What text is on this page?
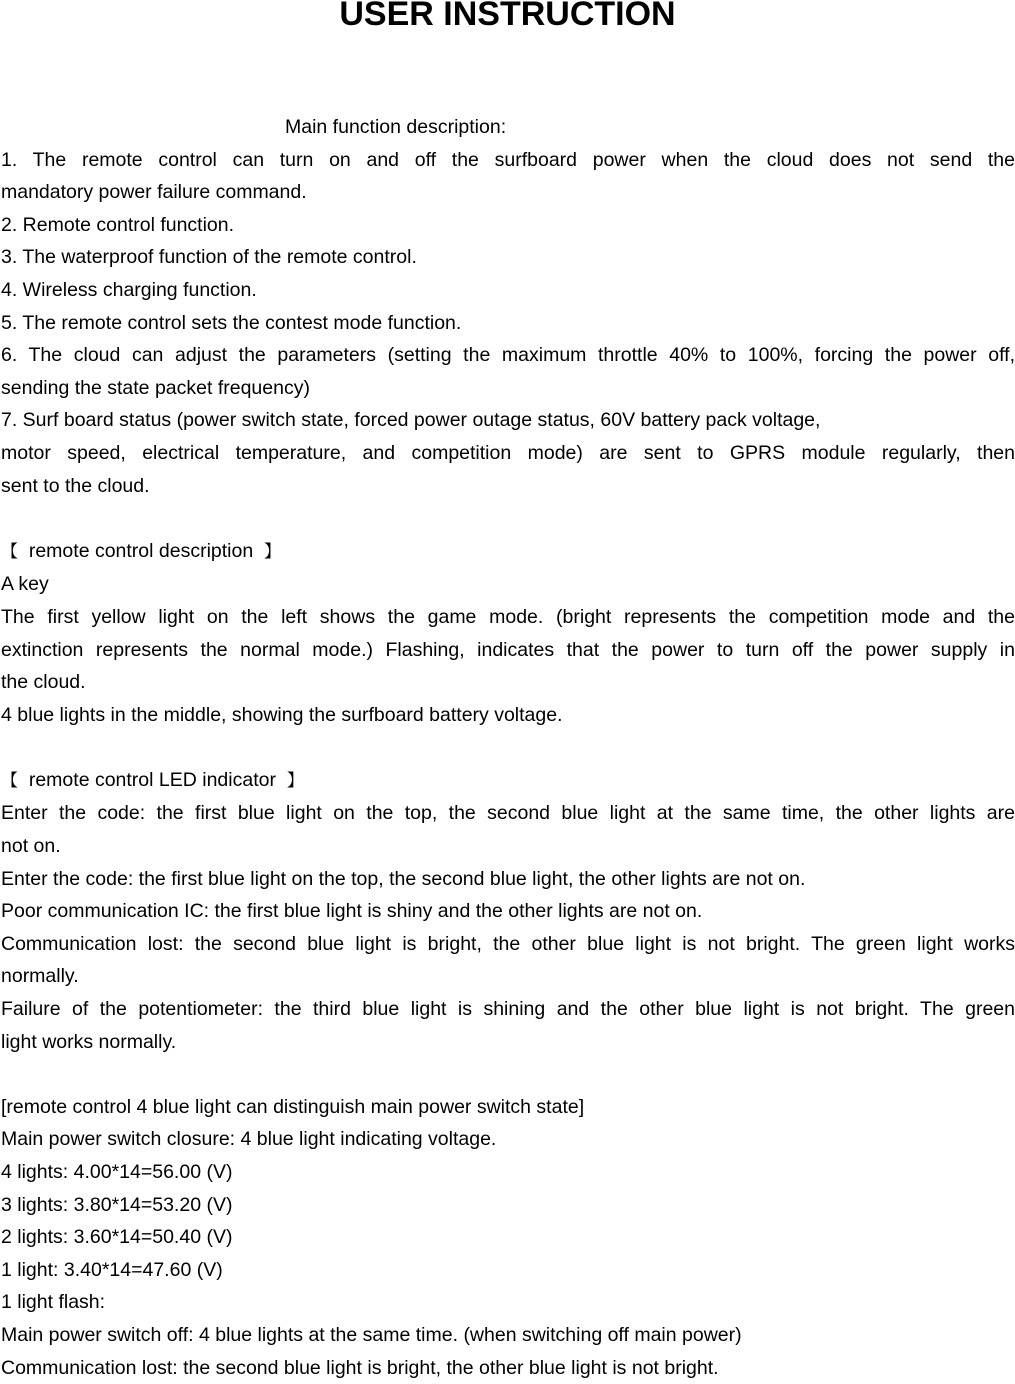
USER INSTRUCTION
Main function description:
1. The remote control can turn on and off the surfboard power when the cloud does not send the
mandatory power failure command.
2. Remote control function.
3. The waterproof function of the remote control.
4. Wireless charging function.
5. The remote control sets the contest mode function.
6. The cloud can adjust the parameters (setting the maximum throttle 40% to 100%, forcing the power off,
sending the state packet frequency)
7. Surf board status (power switch state, forced power outage status, 60V battery pack voltage,
motor speed, electrical temperature, and competition mode) are sent to GPRS module regularly, then
sent to the cloud.
【 remote control description 】
A key
The first yellow light on the left shows the game mode. (bright represents the competition mode and the
extinction represents the normal mode.) Flashing, indicates that the power to turn off the power supply in
the cloud.
4 blue lights in the middle, showing the surfboard battery voltage.
【 remote control LED indicator 】
Enter the code: the first blue light on the top, the second blue light at the same time, the other lights are
not on.
Enter the code: the first blue light on the top, the second blue light, the other lights are not on.
Poor communication IC: the first blue light is shiny and the other lights are not on.
Communication lost: the second blue light is bright, the other blue light is not bright. The green light works
normally.
Failure of the potentiometer: the third blue light is shining and the other blue light is not bright. The green
light works normally.
[remote control 4 blue light can distinguish main power switch state]
Main power switch closure: 4 blue light indicating voltage.
4 lights: 4.00*14=56.00 (V)
3 lights: 3.80*14=53.20 (V)
2 lights: 3.60*14=50.40 (V)
1 light: 3.40*14=47.60 (V)
1 light flash:
Main power switch off: 4 blue lights at the same time. (when switching off main power)
Communication lost: the second blue light is bright, the other blue light is not bright.
